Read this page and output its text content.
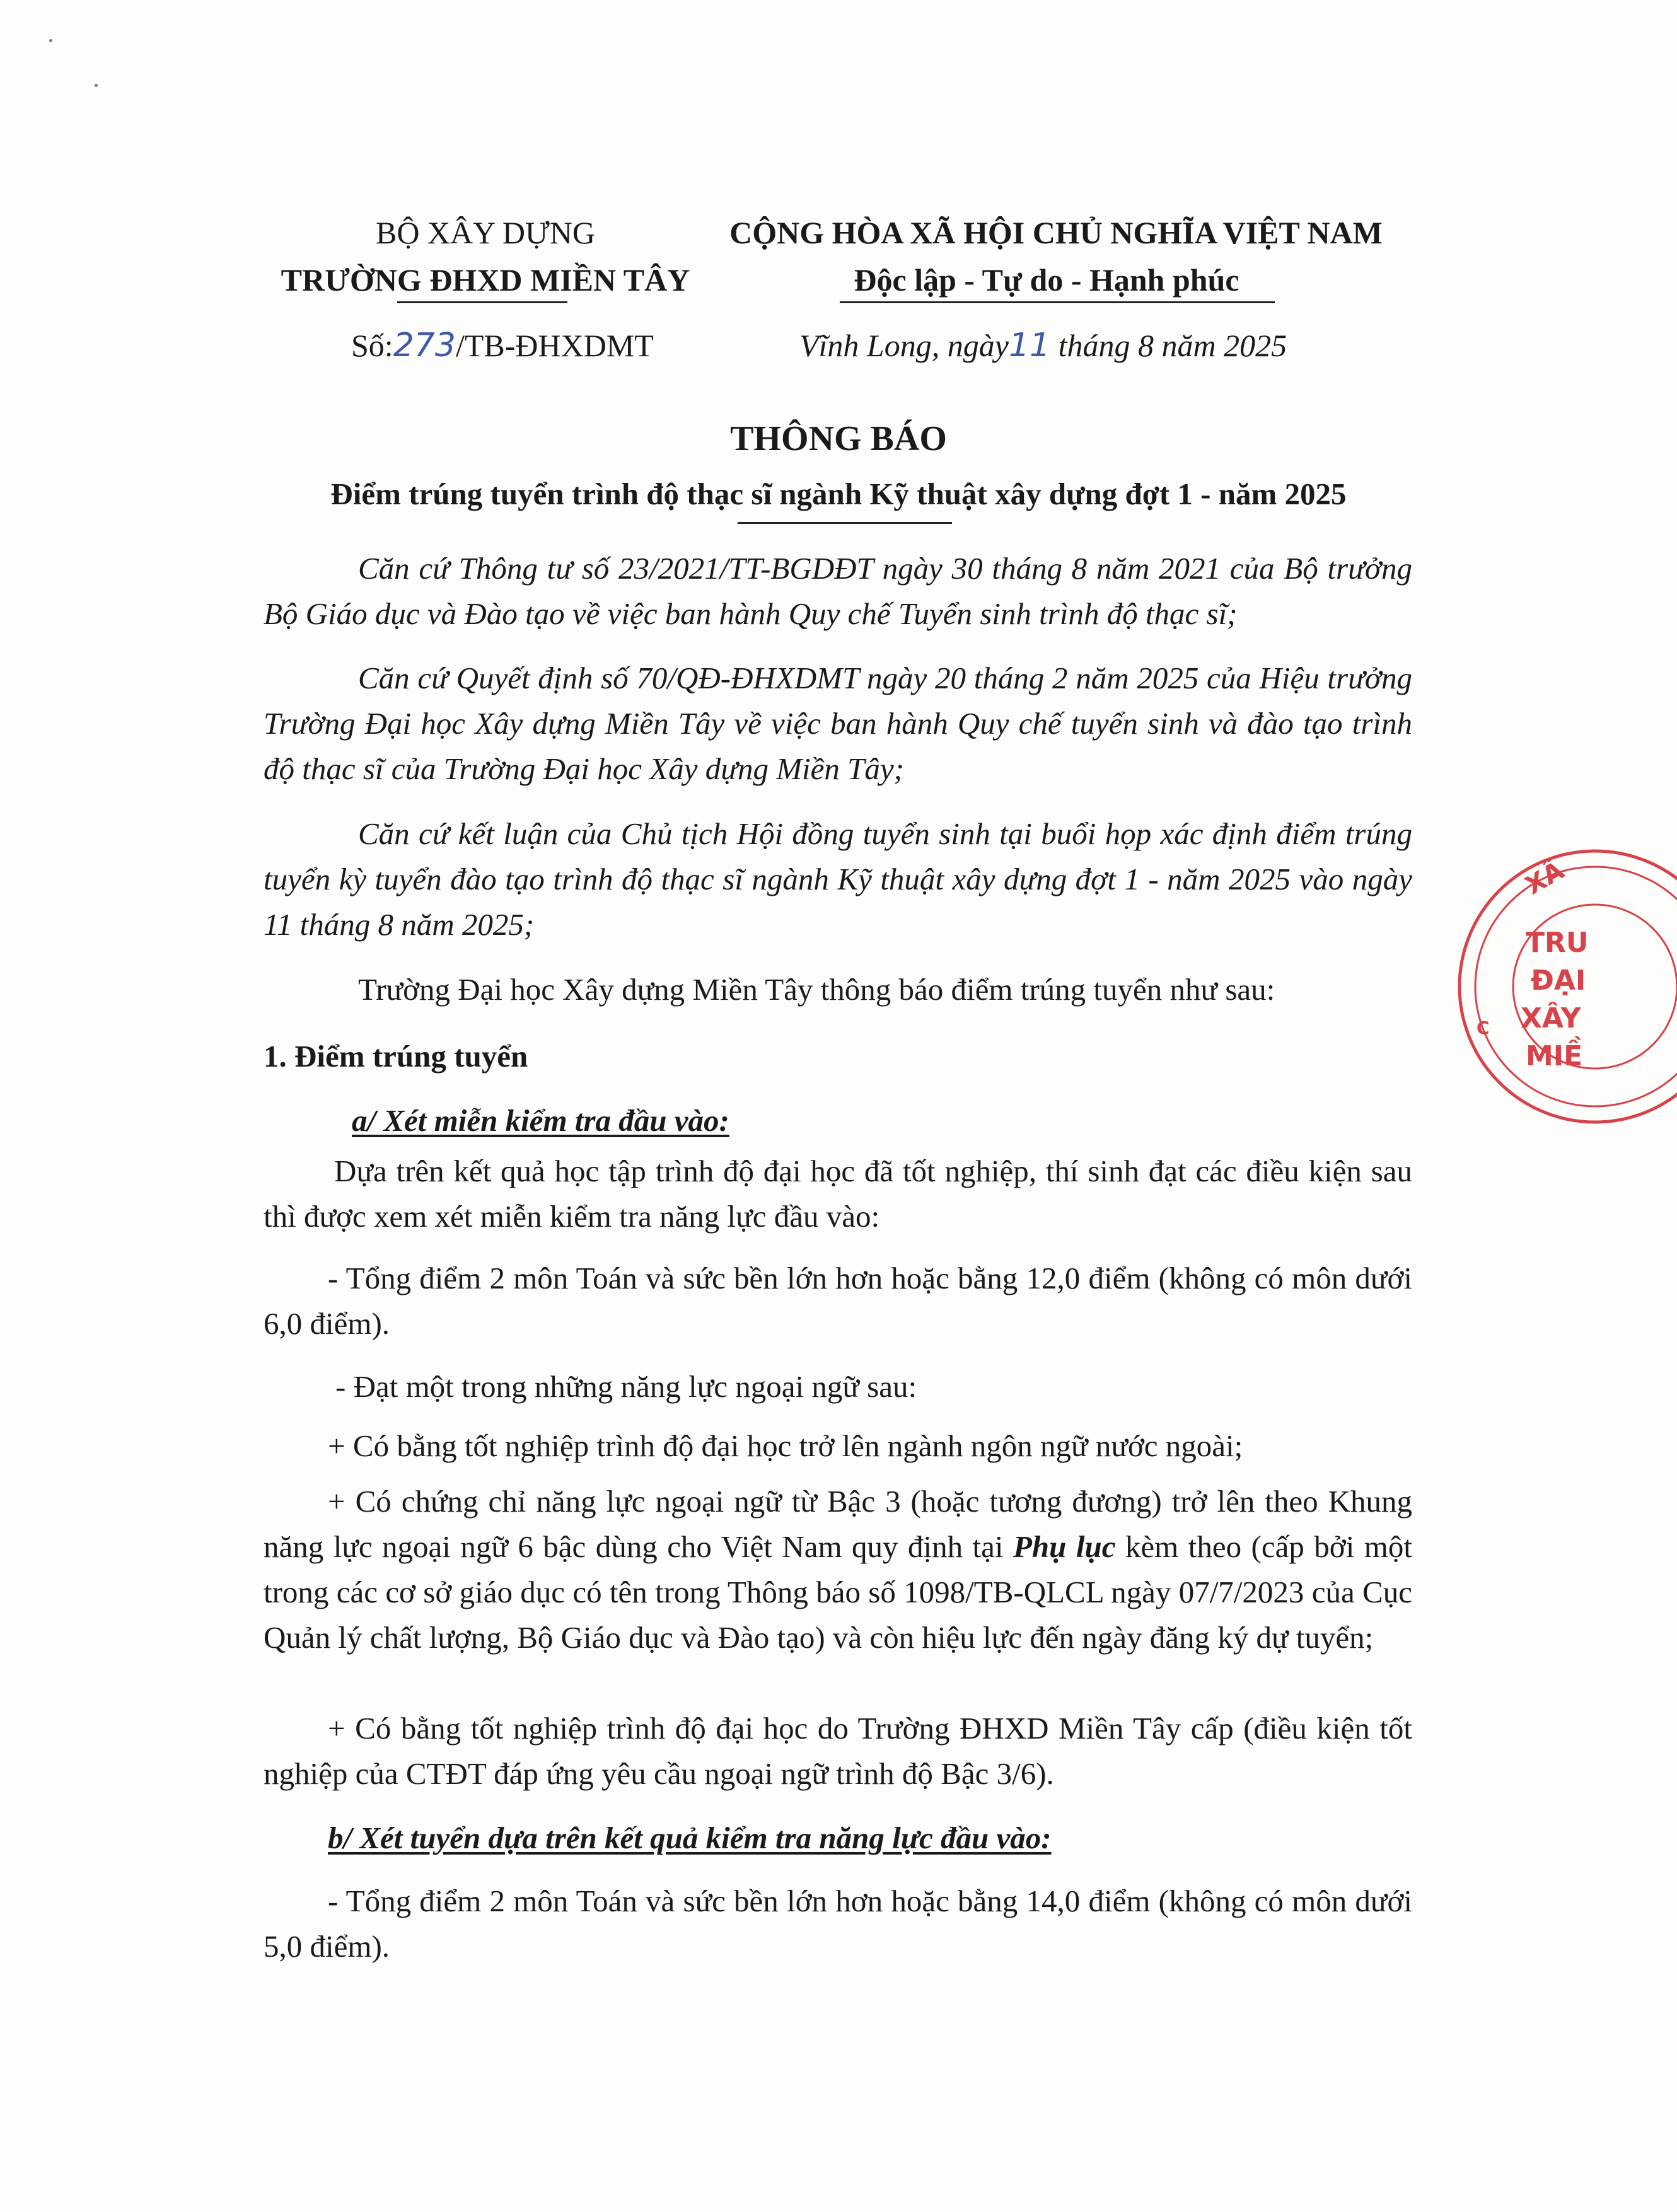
BỘ XÂY DỰNG
TRƯỜNG ĐHXD MIỀN TÂY
Số:273/TB-ĐHXDMT
CỘNG HÒA XÃ HỘI CHỦ NGHĨA VIỆT NAM
Độc lập - Tự do - Hạnh phúc
Vĩnh Long, ngày11 tháng 8 năm 2025
THÔNG BÁO
Điểm trúng tuyển trình độ thạc sĩ ngành Kỹ thuật xây dựng đợt 1 - năm 2025
Căn cứ Thông tư số 23/2021/TT-BGDĐT ngày 30 tháng 8 năm 2021 của Bộ trưởng Bộ Giáo dục và Đào tạo về việc ban hành Quy chế Tuyển sinh trình độ thạc sĩ;
Căn cứ Quyết định số 70/QĐ-ĐHXDMT ngày 20 tháng 2 năm 2025 của Hiệu trưởng Trường Đại học Xây dựng Miền Tây về việc ban hành Quy chế tuyển sinh và đào tạo trình độ thạc sĩ của Trường Đại học Xây dựng Miền Tây;
Căn cứ kết luận của Chủ tịch Hội đồng tuyển sinh tại buổi họp xác định điểm trúng tuyển kỳ tuyển đào tạo trình độ thạc sĩ ngành Kỹ thuật xây dựng đợt 1 - năm 2025 vào ngày 11 tháng 8 năm 2025;
Trường Đại học Xây dựng Miền Tây thông báo điểm trúng tuyển như sau:
1. Điểm trúng tuyển
a/ Xét miễn kiểm tra đầu vào:
Dựa trên kết quả học tập trình độ đại học đã tốt nghiệp, thí sinh đạt các điều kiện sau thì được xem xét miễn kiểm tra năng lực đầu vào:
- Tổng điểm 2 môn Toán và sức bền lớn hơn hoặc bằng 12,0 điểm (không có môn dưới 6,0 điểm).
- Đạt một trong những năng lực ngoại ngữ sau:
+ Có bằng tốt nghiệp trình độ đại học trở lên ngành ngôn ngữ nước ngoài;
+ Có chứng chỉ năng lực ngoại ngữ từ Bậc 3 (hoặc tương đương) trở lên theo Khung năng lực ngoại ngữ 6 bậc dùng cho Việt Nam quy định tại Phụ lục kèm theo (cấp bởi một trong các cơ sở giáo dục có tên trong Thông báo số 1098/TB-QLCL ngày 07/7/2023 của Cục Quản lý chất lượng, Bộ Giáo dục và Đào tạo) và còn hiệu lực đến ngày đăng ký dự tuyển;
+ Có bằng tốt nghiệp trình độ đại học do Trường ĐHXD Miền Tây cấp (điều kiện tốt nghiệp của CTĐT đáp ứng yêu cầu ngoại ngữ trình độ Bậc 3/6).
b/ Xét tuyển dựa trên kết quả kiểm tra năng lực đầu vào:
- Tổng điểm 2 môn Toán và sức bền lớn hơn hoặc bằng 14,0 điểm (không có môn dưới 5,0 điểm).
XÂ
TRU
ĐẠI
XÂY
MIỀ
C
